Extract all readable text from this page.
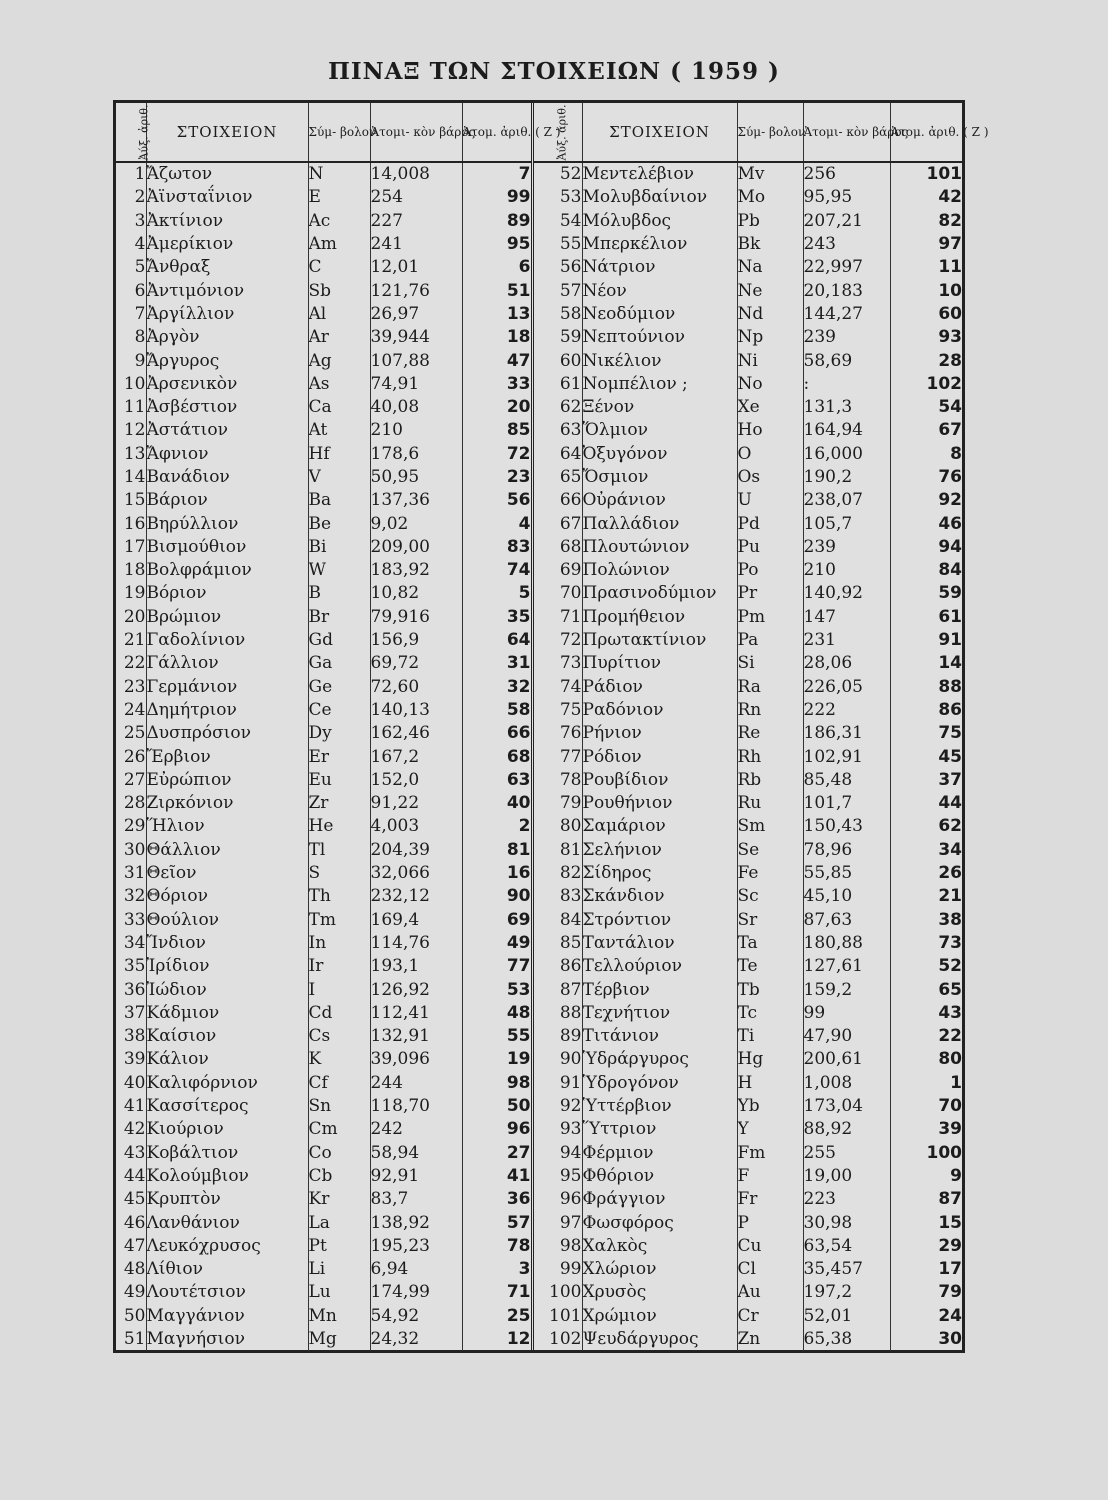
ΠΙΝΑΞ ΤΩΝ ΣΤΟΙΧΕΙΩΝ ( 1959 )
Ἀύξ. ἀριθ.	ΣΤΟΙΧΕΙΟΝ	Σύμ- βολον	Ἀτομι- κὸν βάρος	Ἀτομ. ἀριθ. ( Z )	Ἀύξ. ἀριθ.	ΣΤΟΙΧΕΙΟΝ	Σύμ- βολον	Ἀτομι- κὸν βάρος	Ἀτομ. ἀριθ. ( Z )
1	Ἄζωτον	N	14,008	7	52	Μεντελέβιον	Mv	256	101
2	Ἀϊνσταΐνιον	E	254	99	53	Μολυβδαίνιον	Mo	95,95	42
3	Ἀκτίνιον	Ac	227	89	54	Μόλυβδος	Pb	207,21	82
4	Ἀμερίκιον	Am	241	95	55	Μπερκέλιον	Bk	243	97
5	Ἄνθραξ	C	12,01	6	56	Νάτριον	Na	22,997	11
6	Ἀντιμόνιον	Sb	121,76	51	57	Νέον	Ne	20,183	10
7	Ἀργίλλιον	Al	26,97	13	58	Νεοδύμιον	Nd	144,27	60
8	Ἀργὸν	Ar	39,944	18	59	Νεπτούνιον	Np	239	93
9	Ἄργυρος	Ag	107,88	47	60	Νικέλιον	Ni	58,69	28
10	Ἀρσενικὸν	As	74,91	33	61	Νομπέλιον ;	No	:	102
11	Ἀσβέστιον	Ca	40,08	20	62	Ξένον	Xe	131,3	54
12	Ἀστάτιον	At	210	85	63	Ὅλμιον	Ho	164,94	67
13	Ἄφνιον	Hf	178,6	72	64	Ὀξυγόνον	O	16,000	8
14	Βανάδιον	V	50,95	23	65	Ὄσμιον	Os	190,2	76
15	Βάριον	Ba	137,36	56	66	Οὐράνιον	U	238,07	92
16	Βηρύλλιον	Be	9,02	4	67	Παλλάδιον	Pd	105,7	46
17	Βισμούθιον	Bi	209,00	83	68	Πλουτώνιον	Pu	239	94
18	Βολφράμιον	W	183,92	74	69	Πολώνιον	Po	210	84
19	Βόριον	B	10,82	5	70	Πρασινοδύμιον	Pr	140,92	59
20	Βρώμιον	Br	79,916	35	71	Προμήθειον	Pm	147	61
21	Γαδολίνιον	Gd	156,9	64	72	Πρωτακτίνιον	Pa	231	91
22	Γάλλιον	Ga	69,72	31	73	Πυρίτιον	Si	28,06	14
23	Γερμάνιον	Ge	72,60	32	74	Ράδιον	Ra	226,05	88
24	Δημήτριον	Ce	140,13	58	75	Ραδόνιον	Rn	222	86
25	Δυσπρόσιον	Dy	162,46	66	76	Ρήνιον	Re	186,31	75
26	Ἔρβιον	Er	167,2	68	77	Ρόδιον	Rh	102,91	45
27	Εὐρώπιον	Eu	152,0	63	78	Ρουβίδιον	Rb	85,48	37
28	Ζιρκόνιον	Zr	91,22	40	79	Ρουθήνιον	Ru	101,7	44
29	Ἥλιον	He	4,003	2	80	Σαμάριον	Sm	150,43	62
30	Θάλλιον	Tl	204,39	81	81	Σελήνιον	Se	78,96	34
31	Θεῖον	S	32,066	16	82	Σίδηρος	Fe	55,85	26
32	Θόριον	Th	232,12	90	83	Σκάνδιον	Sc	45,10	21
33	Θούλιον	Tm	169,4	69	84	Στρόντιον	Sr	87,63	38
34	Ἴνδιον	In	114,76	49	85	Ταντάλιον	Ta	180,88	73
35	Ἰρίδιον	Ir	193,1	77	86	Τελλούριον	Te	127,61	52
36	Ἰώδιον	I	126,92	53	87	Τέρβιον	Tb	159,2	65
37	Κάδμιον	Cd	112,41	48	88	Τεχνήτιον	Tc	99	43
38	Καίσιον	Cs	132,91	55	89	Τιτάνιον	Ti	47,90	22
39	Κάλιον	K	39,096	19	90	Ὑδράργυρος	Hg	200,61	80
40	Καλιφόρνιον	Cf	244	98	91	Ὑδρογόνον	H	1,008	1
41	Κασσίτερος	Sn	118,70	50	92	Ὑττέρβιον	Yb	173,04	70
42	Κιούριον	Cm	242	96	93	Ὕττριον	Y	88,92	39
43	Κοβάλτιον	Co	58,94	27	94	Φέρμιον	Fm	255	100
44	Κολούμβιον	Cb	92,91	41	95	Φθόριον	F	19,00	9
45	Κρυπτὸν	Kr	83,7	36	96	Φράγγιον	Fr	223	87
46	Λανθάνιον	La	138,92	57	97	Φωσφόρος	P	30,98	15
47	Λευκόχρυσος	Pt	195,23	78	98	Χαλκὸς	Cu	63,54	29
48	Λίθιον	Li	6,94	3	99	Χλώριον	Cl	35,457	17
49	Λουτέτσιον	Lu	174,99	71	100	Χρυσὸς	Au	197,2	79
50	Μαγγάνιον	Mn	54,92	25	101	Χρώμιον	Cr	52,01	24
51	Μαγνήσιον	Mg	24,32	12	102	Ψευδάργυρος	Zn	65,38	30
